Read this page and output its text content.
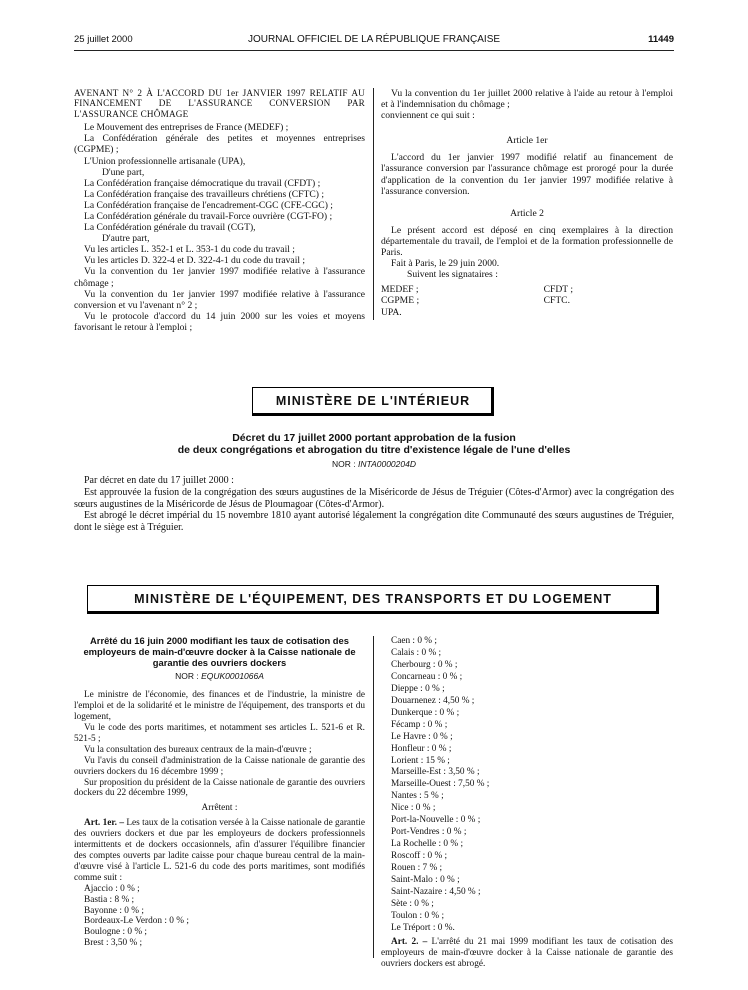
25 juillet 2000	JOURNAL OFFICIEL DE LA RÉPUBLIQUE FRANÇAISE	11449

AVENANT N° 2 À L'ACCORD DU 1er JANVIER 1997 RELATIF AU FINANCEMENT DE L'ASSURANCE CONVERSION PAR L'ASSURANCE CHÔMAGE

Le Mouvement des entreprises de France (MEDEF) ;

La Confédération générale des petites et moyennes entreprises (CGPME) ;

L'Union professionnelle artisanale (UPA),

D'une part,

La Confédération française démocratique du travail (CFDT) ;

La Confédération française des travailleurs chrétiens (CFTC) ;

La Confédération française de l'encadrement-CGC (CFE-CGC) ;

La Confédération générale du travail-Force ouvrière (CGT-FO) ;

La Confédération générale du travail (CGT),

D'autre part,

Vu les articles L. 352-1 et L. 353-1 du code du travail ;

Vu les articles D. 322-4 et D. 322-4-1 du code du travail ;

Vu la convention du 1er janvier 1997 modifiée relative à l'assurance chômage ;

Vu la convention du 1er janvier 1997 modifiée relative à l'assurance conversion et vu l'avenant n° 2 ;

Vu le protocole d'accord du 14 juin 2000 sur les voies et moyens favorisant le retour à l'emploi ;

Vu la convention du 1er juillet 2000 relative à l'aide au retour à l'emploi et à l'indemnisation du chômage ;

conviennent ce qui suit :

Article 1er

L'accord du 1er janvier 1997 modifié relatif au financement de l'assurance conversion par l'assurance chômage est prorogé pour la durée d'application de la convention du 1er janvier 1997 modifiée relative à l'assurance conversion.

Article 2

Le présent accord est déposé en cinq exemplaires à la direction départementale du travail, de l'emploi et de la formation professionnelle de Paris.

Fait à Paris, le 29 juin 2000.

Suivent les signataires :

MEDEF ;

CGPME ;

UPA.

CFDT ;

CFTC.

MINISTÈRE DE L'INTÉRIEUR
Décret du 17 juillet 2000 portant approbation de la fusion
de deux congrégations et abrogation du titre d'existence légale de l'une d'elles
NOR : INTA0000204D

Par décret en date du 17 juillet 2000 :

Est approuvée la fusion de la congrégation des sœurs augustines de la Miséricorde de Jésus de Tréguier (Côtes-d'Armor) avec la congrégation des sœurs augustines de la Miséricorde de Jésus de Ploumagoar (Côtes-d'Armor).

Est abrogé le décret impérial du 15 novembre 1810 ayant autorisé légalement la congrégation dite Communauté des sœurs augustines de Tréguier, dont le siège est à Tréguier.

MINISTÈRE DE L'ÉQUIPEMENT, DES TRANSPORTS ET DU LOGEMENT

Arrêté du 16 juin 2000 modifiant les taux de cotisation des employeurs de main-d'œuvre docker à la Caisse nationale de garantie des ouvriers dockers

NOR : EQUK0001066A

Le ministre de l'économie, des finances et de l'industrie, la ministre de l'emploi et de la solidarité et le ministre de l'équipement, des transports et du logement,

Vu le code des ports maritimes, et notamment ses articles L. 521-6 et R. 521-5 ;

Vu la consultation des bureaux centraux de la main-d'œuvre ;

Vu l'avis du conseil d'administration de la Caisse nationale de garantie des ouvriers dockers du 16 décembre 1999 ;

Sur proposition du président de la Caisse nationale de garantie des ouvriers dockers du 22 décembre 1999,

Arrêtent :

Art. 1er. – Les taux de la cotisation versée à la Caisse nationale de garantie des ouvriers dockers et due par les employeurs de dockers professionnels intermittents et de dockers occasionnels, afin d'assurer l'équilibre financier des comptes ouverts par ladite caisse pour chaque bureau central de la main-d'œuvre visé à l'article L. 521-6 du code des ports maritimes, sont modifiés comme suit :

Ajaccio : 0 % ;

Bastia : 8 % ;

Bayonne : 0 % ;

Bordeaux-Le Verdon : 0 % ;

Boulogne : 0 % ;

Brest : 3,50 % ;

Caen : 0 % ;

Calais : 0 % ;

Cherbourg : 0 % ;

Concarneau : 0 % ;

Dieppe : 0 % ;

Douarnenez : 4,50 % ;

Dunkerque : 0 % ;

Fécamp : 0 % ;

Le Havre : 0 % ;

Honfleur : 0 % ;

Lorient : 15 % ;

Marseille-Est : 3,50 % ;

Marseille-Ouest : 7,50 % ;

Nantes : 5 % ;

Nice : 0 % ;

Port-la-Nouvelle : 0 % ;

Port-Vendres : 0 % ;

La Rochelle : 0 % ;

Roscoff : 0 % ;

Rouen : 7 % ;

Saint-Malo : 0 % ;

Saint-Nazaire : 4,50 % ;

Sète : 0 % ;

Toulon : 0 % ;

Le Tréport : 0 %.

Art. 2. – L'arrêté du 21 mai 1999 modifiant les taux de cotisation des employeurs de main-d'œuvre docker à la Caisse nationale de garantie des ouvriers dockers est abrogé.
